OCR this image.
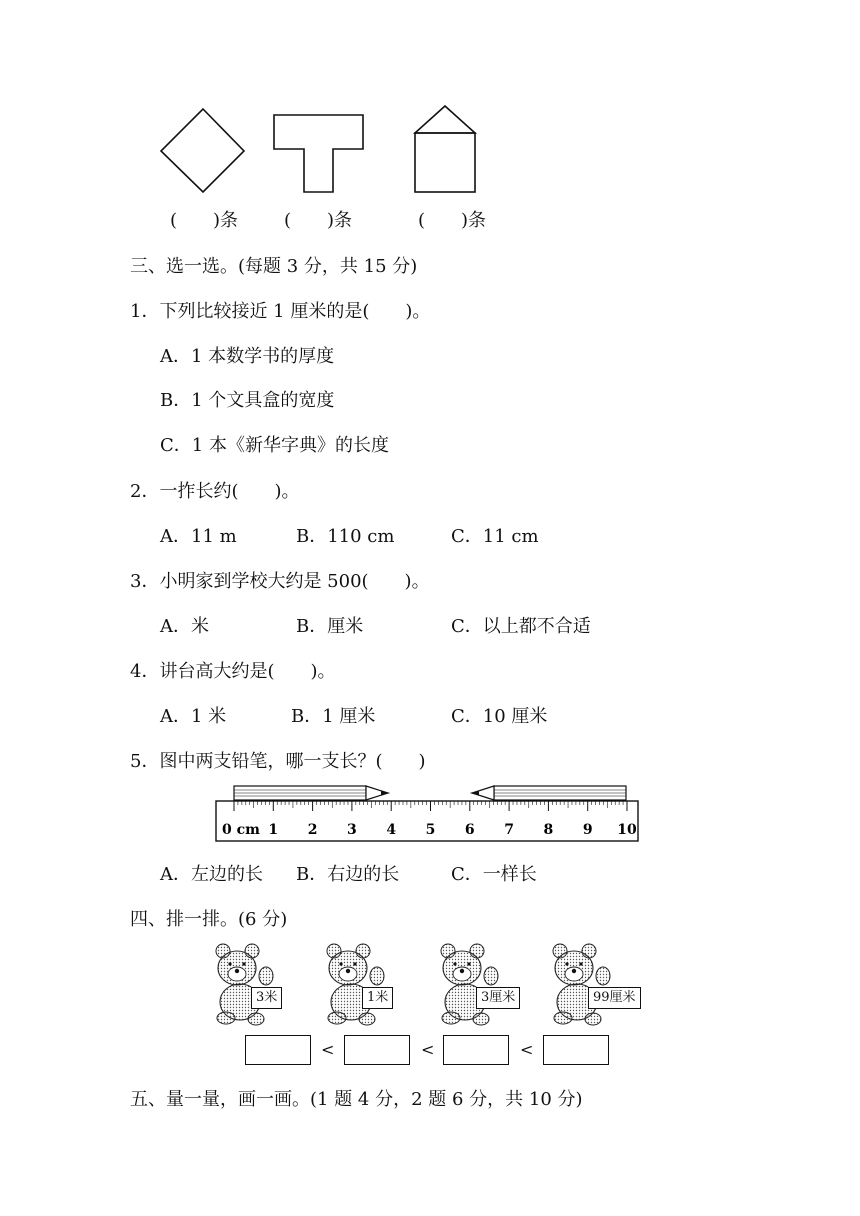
(　　)条	(　　)条	(　　)条
三、选一选。(每题 3 分，共 15 分)
1．下列比较接近 1 厘米的是(　　)。
A．1 本数学书的厚度
B．1 个文具盒的宽度
C．1 本《新华字典》的长度
2．一拃长约(　　)。
A．11 m	B．110 cm	C．11 cm
3．小明家到学校大约是 500(　　)。
A．米	B．厘米	C．以上都不合适
4．讲台高大约是(　　)。
A．1 米	B．1 厘米	C．10 厘米
5．图中两支铅笔，哪一支长？(　　)
0 cm 1 2 3 4 5 6 7 8 9 10
A．左边的长 B．右边的长	C．一样长
四、排一排。(6 分)
3米	1米	3厘米	99厘米
<	<	<
五、量一量，画一画。(1 题 4 分，2 题 6 分，共 10 分)
